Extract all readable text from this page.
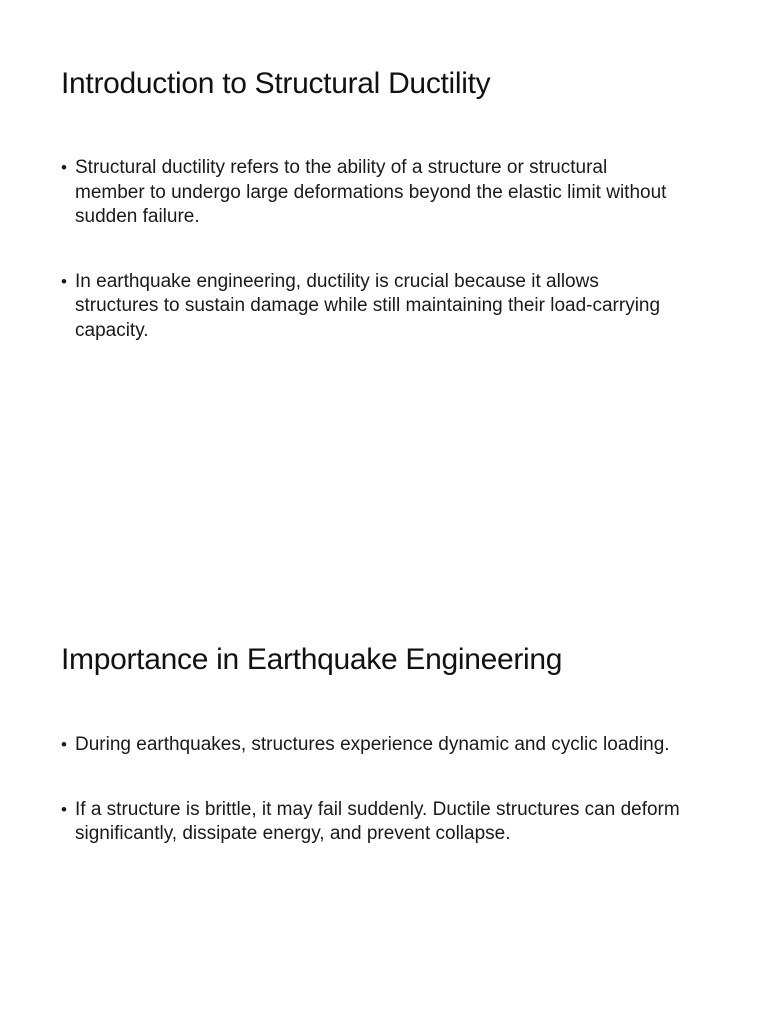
Introduction to Structural Ductility
• Structural ductility refers to the ability of a structure or structural member to undergo large deformations beyond the elastic limit without sudden failure.
• In earthquake engineering, ductility is crucial because it allows structures to sustain damage while still maintaining their load-carrying capacity.
Importance in Earthquake Engineering
• During earthquakes, structures experience dynamic and cyclic loading.
• If a structure is brittle, it may fail suddenly. Ductile structures can deform significantly, dissipate energy, and prevent collapse.
